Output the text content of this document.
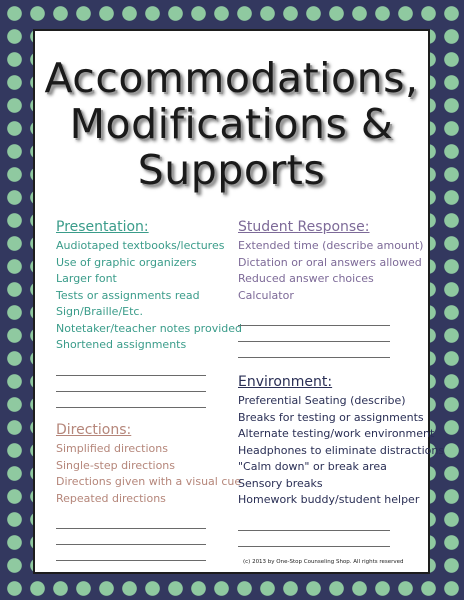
Accommodations,
Modifications &
Supports
Presentation:
Audiotaped textbooks/lectures
Use of graphic organizers
Larger font
Tests or assignments read
Sign/Braille/Etc.
Notetaker/teacher notes provided
Shortened assignments
Student Response:
Extended time (describe amount)
Dictation or oral answers allowed
Reduced answer choices
Calculator
Directions:
Simplified directions
Single-step directions
Directions given with a visual cue
Repeated directions
Environment:
Preferential Seating (describe)
Breaks for testing or assignments
Alternate testing/work environment
Headphones to eliminate distractions
"Calm down" or break area
Sensory breaks
Homework buddy/student helper
(c) 2013 by One-Stop Counseling Shop. All rights reserved
